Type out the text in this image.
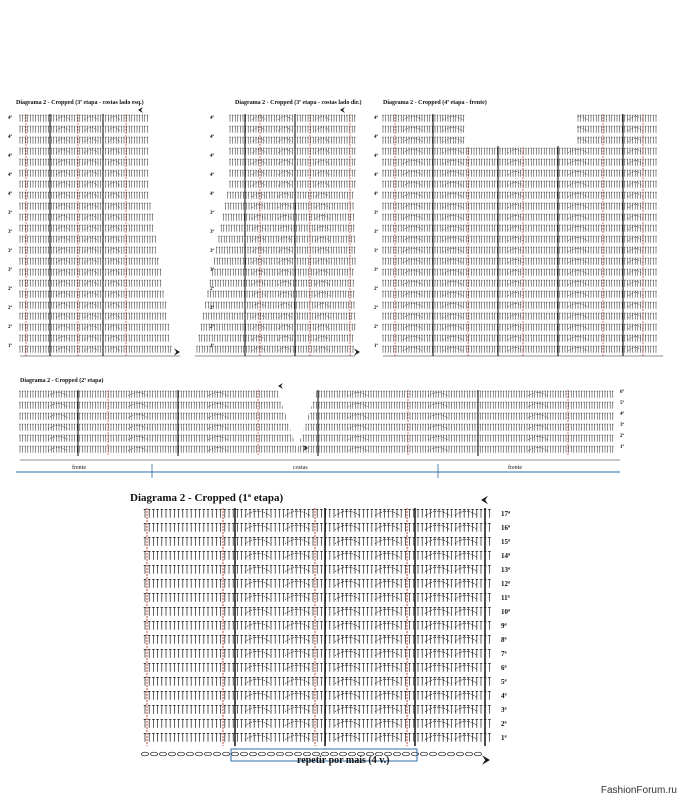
Diagrama 2 - Cropped (3ª etapa - costas lado esq.)
4ª
4ª
4ª
4ª
4ª
3ª
3ª
3ª
3ª
2ª
2ª
2ª
1ª
Diagrama 2 - Cropped (3ª etapa - costas lado dir.)
4ª
4ª
4ª
4ª
4ª
3ª
3ª
3ª
3ª
2ª
2ª
2ª
1ª
Diagrama 2 - Cropped (4ª etapa - frente)
4ª
4ª
4ª
4ª
4ª
3ª
3ª
3ª
3ª
2ª
2ª
2ª
1ª
Diagrama 2 - Cropped (2ª etapa)
frente	costas	frente
6ª
5ª
4ª
3ª
2ª
1ª
Diagrama 2 - Cropped (1ª etapa)
repetir por mais (4 v.)
17ª
16ª
15ª
14ª
13ª
12ª
11ª
10ª
9ª
8ª
7ª
6ª
5ª
4ª
3ª
2ª
1ª
FashionForum.ru
